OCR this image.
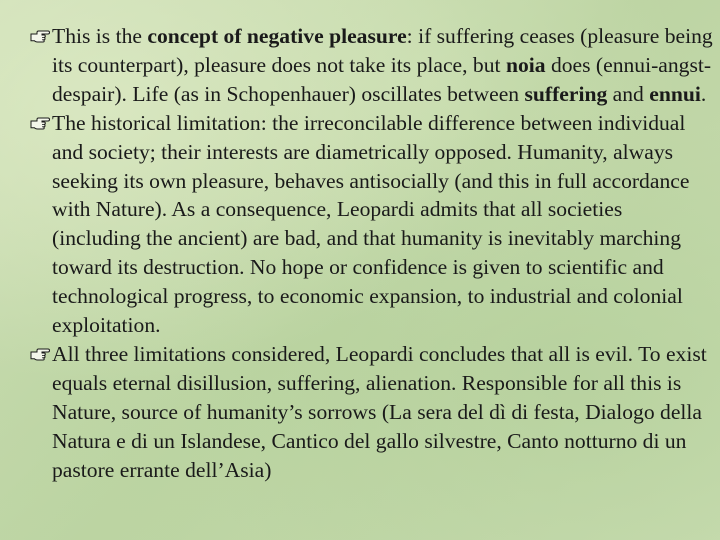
This is the concept of negative pleasure: if suffering ceases (pleasure being its counterpart), pleasure does not take its place, but noia does (ennui-angst-despair). Life (as in Schopenhauer) oscillates between suffering and ennui.

The historical limitation: the irreconcilable difference between individual and society; their interests are diametrically opposed. Humanity, always seeking its own pleasure, behaves antisocially (and this in full accordance with Nature). As a consequence, Leopardi admits that all societies (including the ancient) are bad, and that humanity is inevitably marching toward its destruction. No hope or confidence is given to scientific and technological progress, to economic expansion, to industrial and colonial exploitation.

All three limitations considered, Leopardi concludes that all is evil. To exist equals eternal disillusion, suffering, alienation. Responsible for all this is Nature, source of humanity’s sorrows (La sera del dì di festa, Dialogo della Natura e di un Islandese, Cantico del gallo silvestre, Canto notturno di un pastore errante dell’Asia)
